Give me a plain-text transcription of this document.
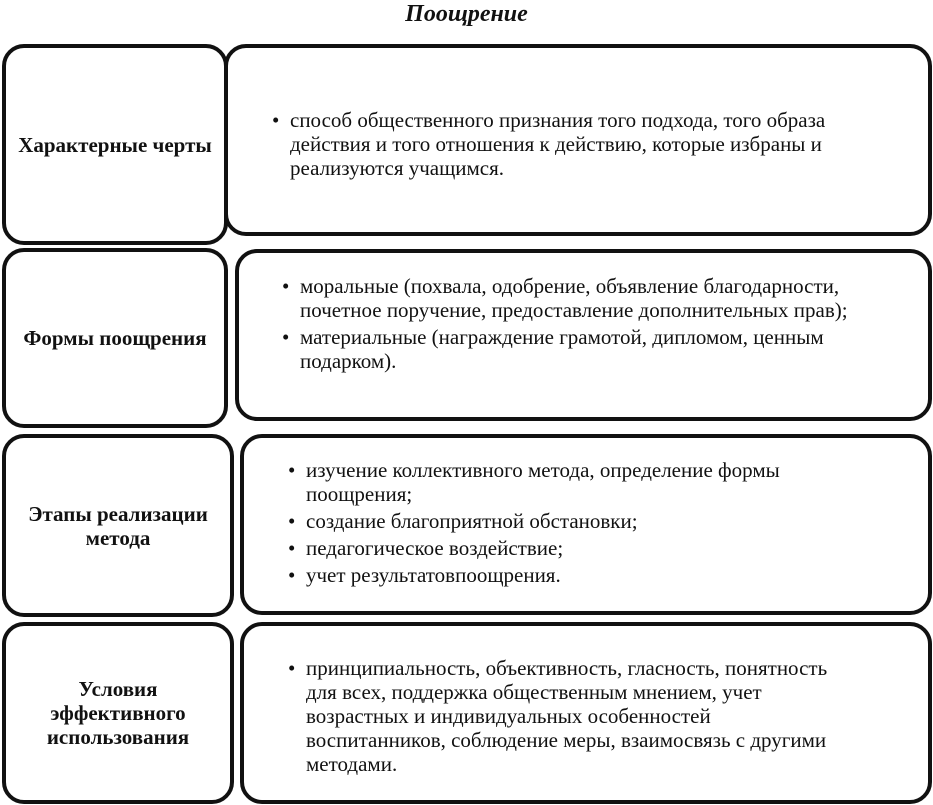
Поощрение
Характерные черты
• способ общественного признания того подхода, того образа действия и того отношения к действию, которые избраны и реализуются учащимся.
Формы поощрения
• моральные (похвала, одобрение, объявление благодарности, почетное поручение, предоставление дополнительных прав);
• материальные (награждение грамотой, дипломом, ценным подарком).
Этапы реализации метода
• изучение коллективного метода, определение формы поощрения;
• создание благоприятной обстановки;
• педагогическое воздействие;
• учет результатовпоощрения.
Условия эффективного использования
• принципиальность, объективность, гласность, понятность для всех, поддержка общественным мнением, учет возрастных и индивидуальных особенностей воспитанников, соблюдение меры, взаимосвязь с другими методами.
